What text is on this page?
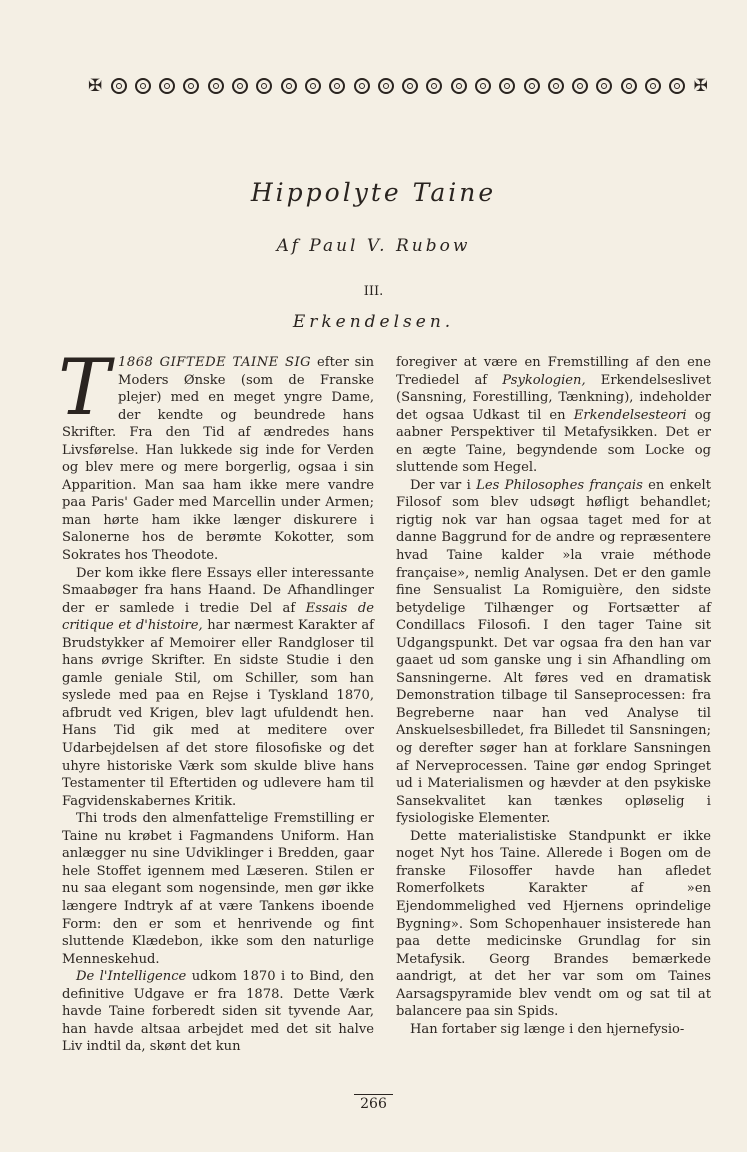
✠	✠
Hippolyte Taine
Af Paul V. Rubow
III.
Erkendelsen.

T 1868 GIFTEDE TAINE SIG efter sin Moders Ønske (som de Franske plejer) med en meget yngre Dame, der kendte og beundrede hans Skrifter. Fra den Tid af ændredes hans Livsførelse. Han lukkede sig inde for Verden og blev mere og mere borgerlig, ogsaa i sin Apparition. Man saa ham ikke mere vandre paa Paris' Gader med Marcellin under Armen; man hørte ham ikke længer diskurere i Salonerne hos de berømte Kokotter, som Sokrates hos Theodote.

Der kom ikke flere Essays eller interessante Smaabøger fra hans Haand. De Afhandlinger der er samlede i tredie Del af Essais de critique et d'histoire, har nærmest Karakter af Brudstykker af Memoirer eller Randgloser til hans øvrige Skrifter. En sidste Studie i den gamle geniale Stil, om Schiller, som han syslede med paa en Rejse i Tyskland 1870, afbrudt ved Krigen, blev lagt ufuldendt hen. Hans Tid gik med at meditere over Udarbejdelsen af det store filosofiske og det uhyre historiske Værk som skulde blive hans Testamenter til Eftertiden og udlevere ham til Fagvidenskabernes Kritik.

Thi trods den almenfattelige Fremstilling er Taine nu krøbet i Fagmandens Uniform. Han anlægger nu sine Udviklinger i Bredden, gaar hele Stoffet igennem med Læseren. Stilen er nu saa elegant som nogensinde, men gør ikke længere Indtryk af at være Tankens iboende Form: den er som et henrivende og fint sluttende Klædebon, ikke som den naturlige Menneskehud.

De l'Intelligence udkom 1870 i to Bind, den definitive Udgave er fra 1878. Dette Værk havde Taine forberedt siden sit tyvende Aar, han havde altsaa arbejdet med det sit halve Liv indtil da, skønt det kun

foregiver at være en Fremstilling af den ene Trediedel af Psykologien, Erkendelseslivet (Sansning, Forestilling, Tænkning), indeholder det ogsaa Udkast til en Erkendelsesteori og aabner Perspektiver til Metafysikken. Det er en ægte Taine, begyndende som Locke og sluttende som Hegel.

Der var i Les Philosophes français en enkelt Filosof som blev udsøgt høfligt behandlet; rigtig nok var han ogsaa taget med for at danne Baggrund for de andre og repræsentere hvad Taine kalder »la vraie méthode française», nemlig Analysen. Det er den gamle fine Sensualist La Romiguière, den sidste betydelige Tilhænger og Fortsætter af Condillacs Filosofi. I den tager Taine sit Udgangspunkt. Det var ogsaa fra den han var gaaet ud som ganske ung i sin Afhandling om Sansningerne. Alt føres ved en dramatisk Demonstration tilbage til Sanseprocessen: fra Begreberne naar han ved Analyse til Anskuelsesbilledet, fra Billedet til Sansningen; og derefter søger han at forklare Sansningen af Nerveprocessen. Taine gør endog Springet ud i Materialismen og hævder at den psykiske Sansekvalitet kan tænkes opløselig i fysiologiske Elementer.

Dette materialistiske Standpunkt er ikke noget Nyt hos Taine. Allerede i Bogen om de franske Filosoffer havde han afledet Romerfolkets Karakter af »en Ejendommelighed ved Hjernens oprindelige Bygning». Som Schopenhauer insisterede han paa dette medicinske Grundlag for sin Metafysik. Georg Brandes bemærkede aandrigt, at det her var som om Taines Aarsagspyramide blev vendt om og sat til at balancere paa sin Spids.

Han fortaber sig længe i den hjernefysio-

266
